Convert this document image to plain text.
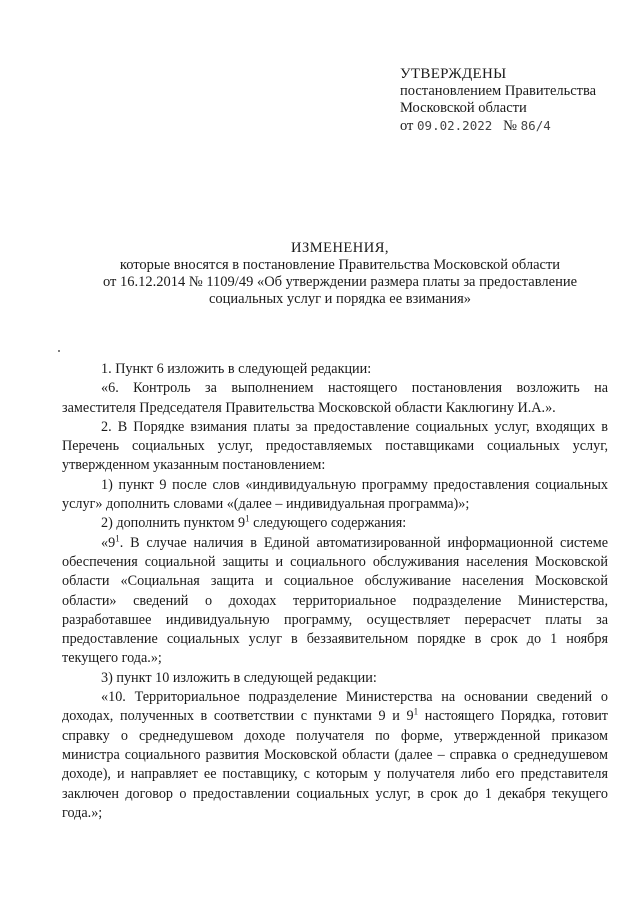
УТВЕРЖДЕНЫ
постановлением Правительства
Московской области
от 09.02.2022 № 86/4
ИЗМЕНЕНИЯ,
которые вносятся в постановление Правительства Московской области
от 16.12.2014 № 1109/49 «Об утверждении размера платы за предоставление
социальных услуг и порядка ее взимания»

1. Пункт 6 изложить в следующей редакции:

«6. Контроль за выполнением настоящего постановления возложить на заместителя Председателя Правительства Московской области Каклюгину И.А.».

2. В Порядке взимания платы за предоставление социальных услуг, входящих в Перечень социальных услуг, предоставляемых поставщиками социальных услуг, утвержденном указанным постановлением:

1) пункт 9 после слов «индивидуальную программу предоставления социальных услуг» дополнить словами «(далее – индивидуальная программа)»;

2) дополнить пунктом $9^1$ следующего содержания:

«$9^1$. В случае наличия в Единой автоматизированной информационной системе обеспечения социальной защиты и социального обслуживания населения Московской области «Социальная защита и социальное обслуживание населения Московской области» сведений о доходах территориальное подразделение Министерства, разработавшее индивидуальную программу, осуществляет перерасчет платы за предоставление социальных услуг в беззаявительном порядке в срок до 1 ноября текущего года.»;

3) пункт 10 изложить в следующей редакции:

«10. Территориальное подразделение Министерства на основании сведений о доходах, полученных в соответствии с пунктами 9 и $9^1$ настоящего Порядка, готовит справку о среднедушевом доходе получателя по форме, утвержденной приказом министра социального развития Московской области (далее – справка о среднедушевом доходе), и направляет ее поставщику, с которым у получателя либо его представителя заключен договор о предоставлении социальных услуг, в срок до 1 декабря текущего года.»;
